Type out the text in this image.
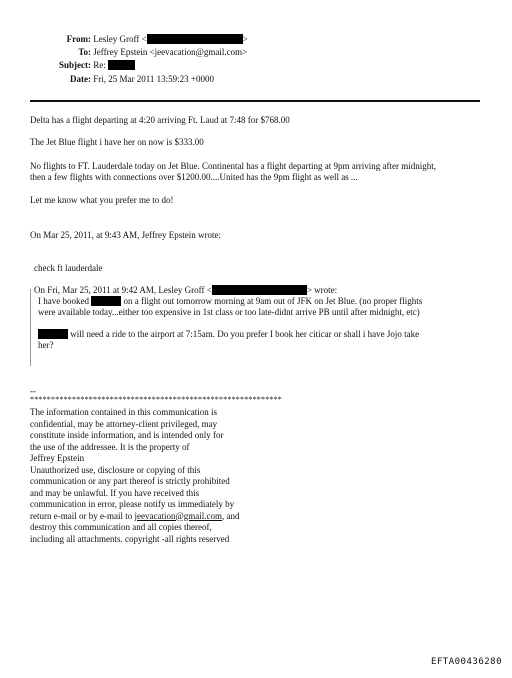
From: Lesley Groff <	>
To: Jeffrey Epstein <jeevacation@gmail.com>
Subject: Re:
Date: Fri, 25 Mar 2011 13:59:23 +0000
Delta has a flight departing at 4:20 arriving Ft. Laud at 7:48 for $768.00
The Jet Blue flight i have her on now is $333.00
No flights to FT. Lauderdale today on Jet Blue. Continental has a flight departing at 9pm arriving after midnight,
then a few flights with connections over $1200.00....United has the 9pm flight as well as ...
Let me know what you prefer me to do!
On Mar 25, 2011, at 9:43 AM, Jeffrey Epstein wrote:
check ft lauderdale
On Fri, Mar 25, 2011 at 9:42 AM, Lesley Groff <	> wrote:
I have booked	on a flight out tomorrow morning at 9am out of JFK on Jet Blue. (no proper flights
were available today...either too expensive in 1st class or too late-didnt arrive PB until after midnight, etc)
will need a ride to the airport at 7:15am. Do you prefer I book her citicar or shall i have Jojo take
her?
--
************************************************************
The information contained in this communication is
confidential, may be attorney-client privileged, may
constitute inside information, and is intended only for
the use of the addressee. It is the property of
Jeffrey Epstein
Unauthorized use, disclosure or copying of this
communication or any part thereof is strictly prohibited
and may be unlawful. If you have received this
communication in error, please notify us immediately by
return e-mail or by e-mail to jeevacation@gmail.com, and
destroy this communication and all copies thereof,
including all attachments. copyright -all rights reserved
EFTA00436280
